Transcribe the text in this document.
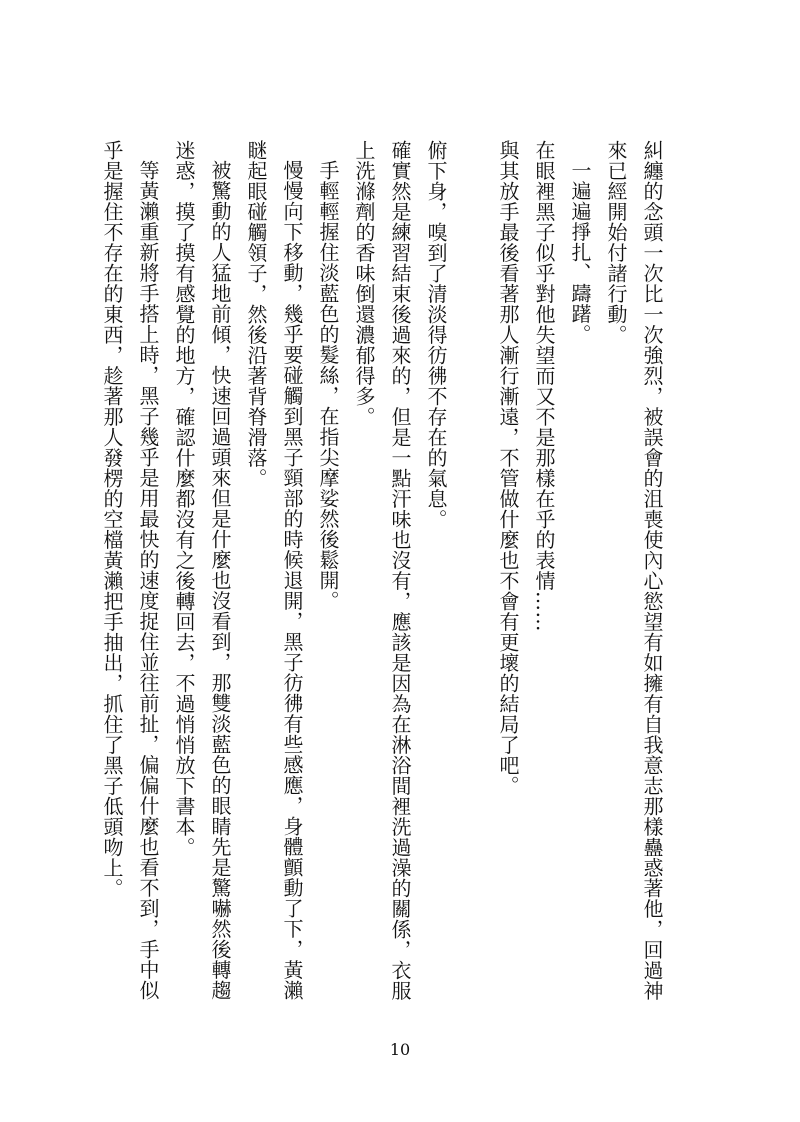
糾纏的念頭一次比一次強烈，被誤會的沮喪使內心慾望有如擁有自我意志那樣蠱惑著他，回過神來已經開始付諸行動。

一遍遍掙扎、躊躇。

在眼裡黑子似乎對他失望而又不是那樣在乎的表情……

與其放手最後看著那人漸行漸遠，不管做什麼也不會有更壞的結局了吧。

俯下身，嗅到了清淡得彷彿不存在的氣息。

確實然是練習結束後過來的，但是一點汗味也沒有，應該是因為在淋浴間裡洗過澡的關係，衣服上洗滌劑的香味倒還濃郁得多。

手輕輕握住淡藍色的髮絲，在指尖摩娑然後鬆開。

慢慢向下移動，幾乎要碰觸到黑子頸部的時候退開，黑子彷彿有些感應，身體顫動了下，黃瀨瞇起眼碰觸領子，然後沿著背脊滑落。

被驚動的人猛地前傾，快速回過頭來但是什麼也沒看到，那雙淡藍色的眼睛先是驚嚇然後轉趨迷惑，摸了摸有感覺的地方，確認什麼都沒有之後轉回去，不過悄悄放下書本。

等黃瀨重新將手搭上時，黑子幾乎是用最快的速度捉住並往前扯，偏偏什麼也看不到，手中似乎是握住不存在的東西，趁著那人發楞的空檔黃瀨把手抽出，抓住了黑子低頭吻上。

10
